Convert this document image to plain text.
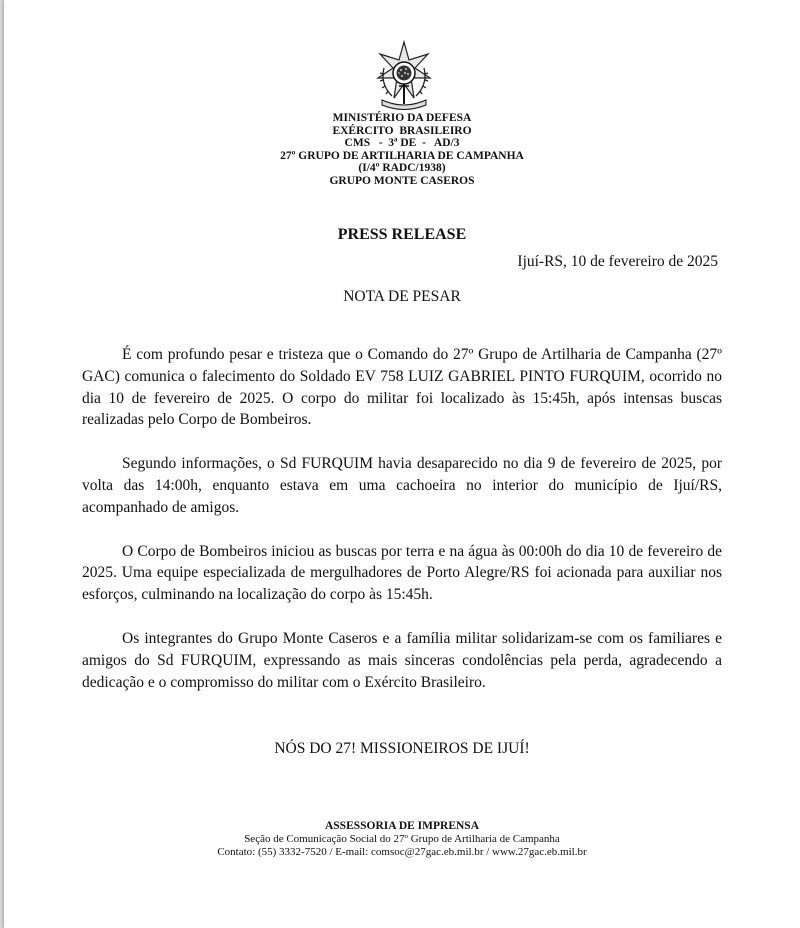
MINISTÉRIO DA DEFESA
EXÉRCITO  BRASILEIRO
CMS   -  3ª DE  -   AD/3
27º GRUPO DE ARTILHARIA DE CAMPANHA
(I/4º RADC/1938)
GRUPO MONTE CASEROS
PRESS RELEASE
Ijuí-RS, 10 de fevereiro de 2025
NOTA DE PESAR

É com profundo pesar e tristeza que o Comando do 27º Grupo de Artilharia de Campanha (27º GAC) comunica o falecimento do Soldado EV 758 LUIZ GABRIEL PINTO FURQUIM, ocorrido no dia 10 de fevereiro de 2025. O corpo do militar foi localizado às 15:45h, após intensas buscas realizadas pelo Corpo de Bombeiros.

Segundo informações, o Sd FURQUIM havia desaparecido no dia 9 de fevereiro de 2025, por volta das 14:00h, enquanto estava em uma cachoeira no interior do município de Ijuí/RS, acompanhado de amigos.

O Corpo de Bombeiros iniciou as buscas por terra e na água às 00:00h do dia 10 de fevereiro de 2025. Uma equipe especializada de mergulhadores de Porto Alegre/RS foi acionada para auxiliar nos esforços, culminando na localização do corpo às 15:45h.

Os integrantes do Grupo Monte Caseros e a família militar solidarizam-se com os familiares e amigos do Sd FURQUIM, expressando as mais sinceras condolências pela perda, agradecendo a dedicação e o compromisso do militar com o Exército Brasileiro.

NÓS DO 27! MISSIONEIROS DE IJUÍ!
ASSESSORIA DE IMPRENSA
Seção de Comunicação Social do 27º Grupo de Artilharia de Campanha
Contato: (55) 3332-7520 / E-mail: comsoc@27gac.eb.mil.br / www.27gac.eb.mil.br
